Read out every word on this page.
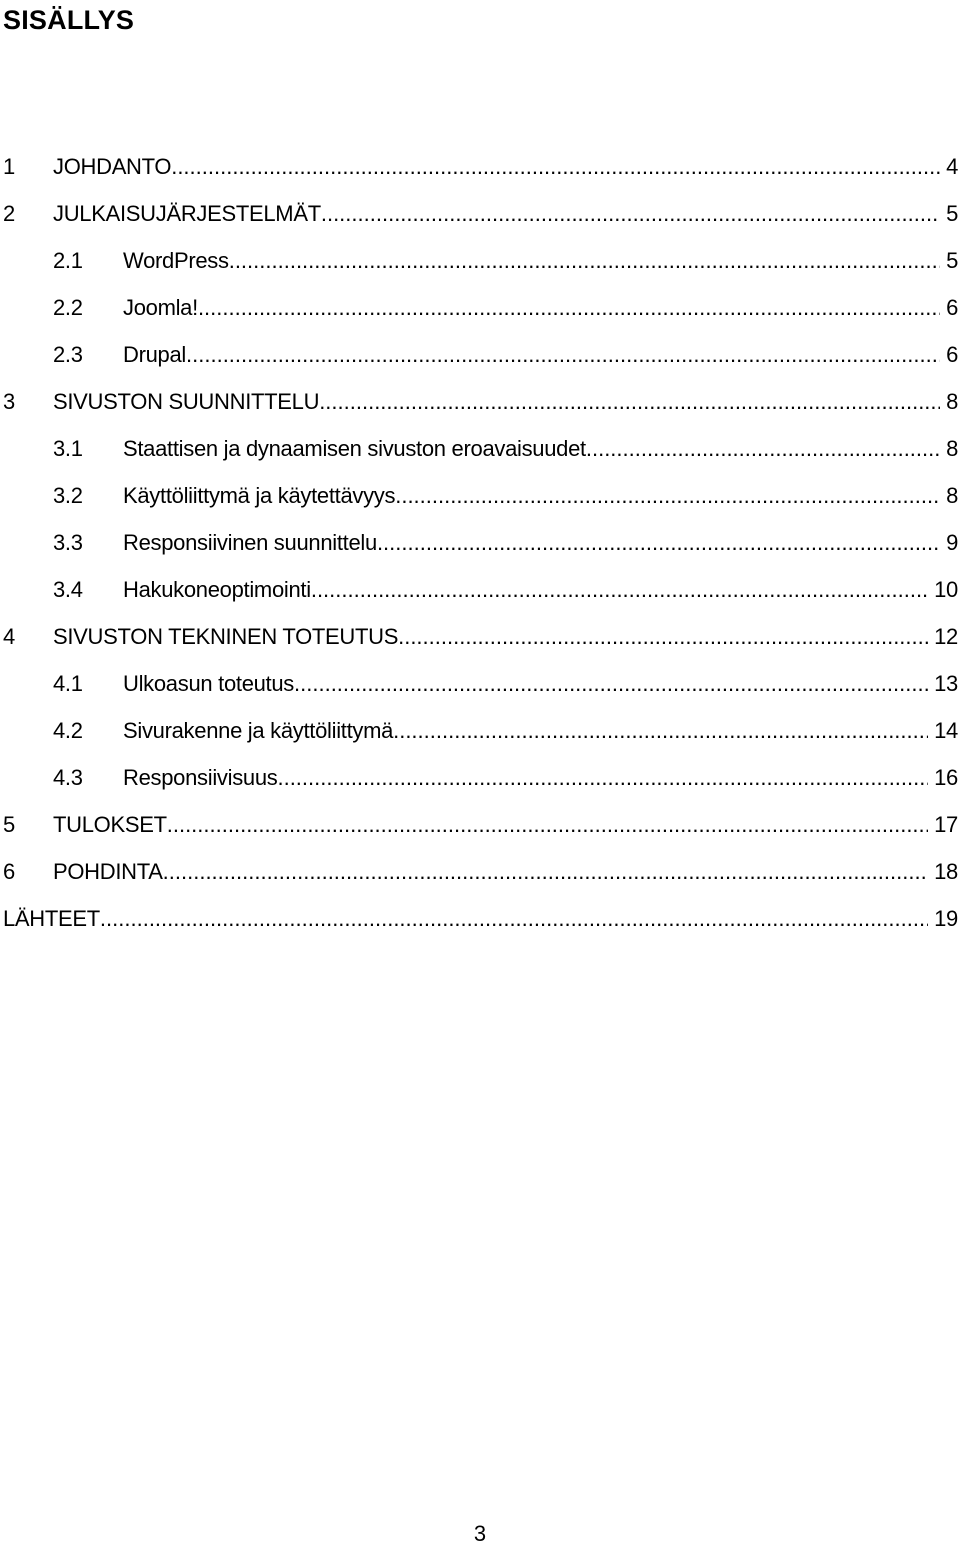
SISÄLLYS
1	JOHDANTO .....	4
2	JULKAISUJÄRJESTELMÄT .....	5
2.1	WordPress .....	5
2.2	Joomla! .....	6
2.3	Drupal .....	6
3	SIVUSTON SUUNNITTELU .....	8
3.1	Staattisen ja dynaamisen sivuston eroavaisuudet .....	8
3.2	Käyttöliittymä ja käytettävyys .....	8
3.3	Responsiivinen suunnittelu .....	9
3.4	Hakukoneoptimointi .....	10
4	SIVUSTON TEKNINEN TOTEUTUS .....	12
4.1	Ulkoasun toteutus .....	13
4.2	Sivurakenne ja käyttöliittymä .....	14
4.3	Responsiivisuus .....	16
5	TULOKSET .....	17
6	POHDINTA .....	18
LÄHTEET .....	19

3
